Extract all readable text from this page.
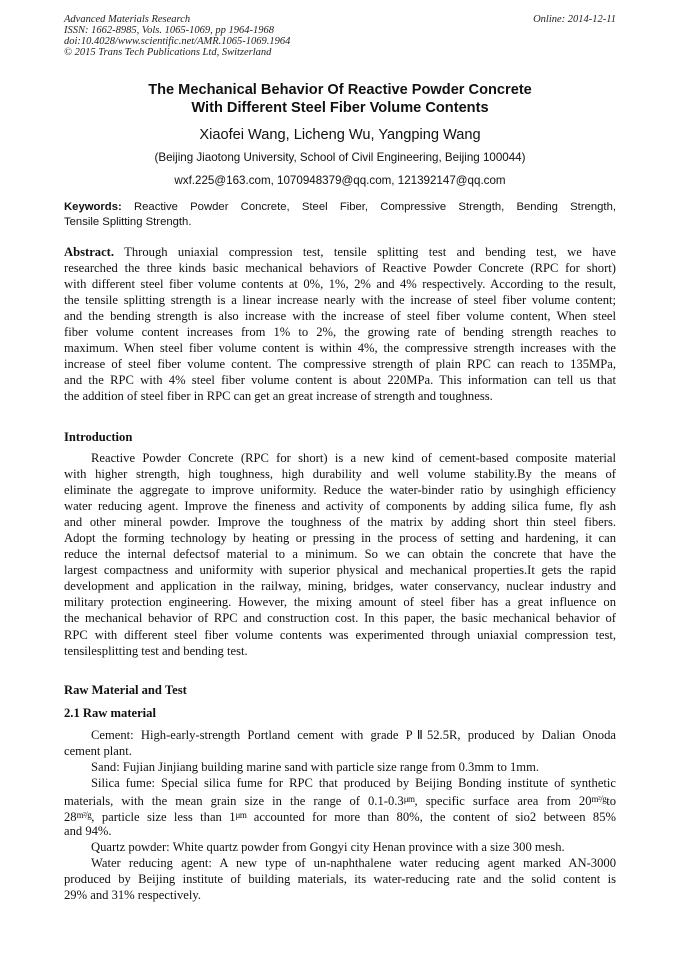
Advanced Materials Research
ISSN: 1662-8985, Vols. 1065-1069, pp 1964-1968
doi:10.4028/www.scientific.net/AMR.1065-1069.1964
© 2015 Trans Tech Publications Ltd, Switzerland
Online: 2014-12-11
The Mechanical Behavior Of Reactive Powder Concrete
With Different Steel Fiber Volume Contents
Xiaofei Wang, Licheng Wu, Yangping Wang
(Beijing Jiaotong University, School of Civil Engineering, Beijing 100044)
wxf.225@163.com, 1070948379@qq.com, 121392147@qq.com
Keywords: Reactive Powder Concrete, Steel Fiber, Compressive Strength, Bending Strength,
Tensile Splitting Strength.
Abstract. Through uniaxial compression test, tensile splitting test and bending test, we have
researched the three kinds basic mechanical behaviors of Reactive Powder Concrete (RPC for short)
with different steel fiber volume contents at 0%, 1%, 2% and 4% respectively. According to the result,
the tensile splitting strength is a linear increase nearly with the increase of steel fiber volume content;
and the bending strength is also increase with the increase of steel fiber volume content, When steel
fiber volume content increases from 1% to 2%, the growing rate of bending strength reaches to
maximum. When steel fiber volume content is within 4%, the compressive strength increases with the
increase of steel fiber volume content. The compressive strength of plain RPC can reach to 135MPa,
and the RPC with 4% steel fiber volume content is about 220MPa. This information can tell us that
the addition of steel fiber in RPC can get an great increase of strength and toughness.
Introduction
Reactive Powder Concrete (RPC for short) is a new kind of cement-based composite material
with higher strength, high toughness, high durability and well volume stability.By the means of
eliminate the aggregate to improve uniformity. Reduce the water-binder ratio by usinghigh efficiency
water reducing agent. Improve the fineness and activity of components by adding silica fume, fly ash
and other mineral powder. Improve the toughness of the matrix by adding short thin steel fibers.
Adopt the forming technology by heating or pressing in the process of setting and hardening, it can
reduce the internal defectsof material to a minimum. So we can obtain the concrete that have the
largest compactness and uniformity with superior physical and mechanical properties.It gets the rapid
development and application in the railway, mining, bridges, water conservancy, nuclear industry and
military protection engineering. However, the mixing amount of steel fiber has a great influence on
the mechanical behavior of RPC and construction cost. In this paper, the basic mechanical behavior of
RPC with different steel fiber volume contents was experimented through uniaxial compression test,
tensilesplitting test and bending test.
Raw Material and Test
2.1 Raw material
Cement: High-early-strength Portland cement with grade PⅡ52.5R, produced by Dalian Onoda
cement plant.
Sand: Fujian Jinjiang building marine sand with particle size range from 0.3mm to 1mm.
Silica fume: Special silica fume for RPC that produced by Beijing Bonding institute of synthetic
materials, with the mean grain size in the range of $0.1-0.3^{\mu m}$, specific surface area from $20^{m^2/g}to$
$28^{m^2/g}$, particle size less than $1^{\mu m}$ accounted for more than 80%, the content of sio2 between 85%
and 94%.
Quartz powder: White quartz powder from Gongyi city Henan province with a size 300 mesh.
Water reducing agent: A new type of un-naphthalene water reducing agent marked AN-3000
produced by Beijing institute of building materials, its water-reducing rate and the solid content is
29% and 31% respectively.
